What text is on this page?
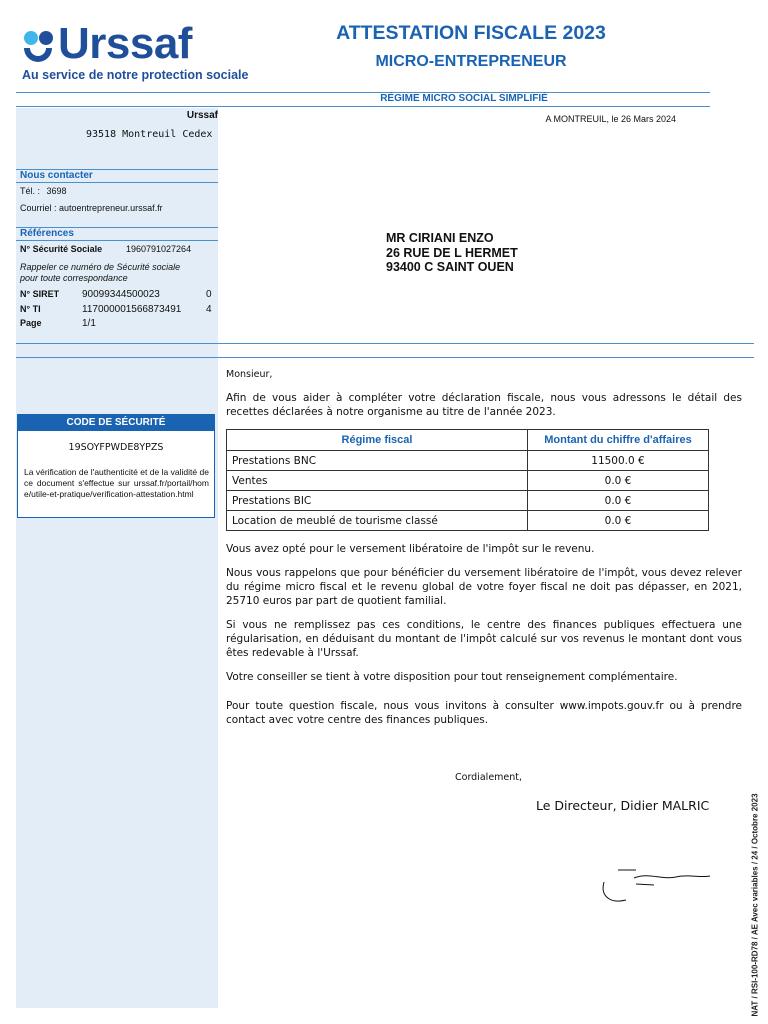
Urssaf
Au service de notre protection sociale
ATTESTATION FISCALE 2023
MICRO-ENTREPRENEUR
RÉGIME MICRO SOCIAL SIMPLIFIÉ
Urssaf
93518 Montreuil Cedex
A MONTREUIL, le 26 Mars 2024
Nous contacter
Tél. : 3698
Courriel : autoentrepreneur.urssaf.fr
Références
N° Sécurité Sociale	1960791027264
Rappeler ce numéro de Sécurité sociale pour toute correspondance
N° SIRET 90099344500023	0
N° TI	117000001566873491 4
Page	1/1
MR CIRIANI ENZO
26 RUE DE L HERMET
93400 C SAINT OUEN
CODE DE SÉCURITÉ
19SOYFPWDE8YPZS
La vérification de l'authenticité et de la validité de ce document s'effectue sur urssaf.fr/portail/home/utile-et-pratique/verification-attestation.html
Monsieur,
Afin de vous aider à compléter votre déclaration fiscale, nous vous adressons le détail des recettes déclarées à notre organisme au titre de l'année 2023.
Régime fiscal	Montant du chiffre d'affaires
Prestations BNC	11500.0 €
Ventes	0.0 €
Prestations BIC	0.0 €
Location de meublé de tourisme classé	0.0 €
Vous avez opté pour le versement libératoire de l'impôt sur le revenu.
Nous vous rappelons que pour bénéficier du versement libératoire de l'impôt, vous devez relever du régime micro fiscal et le revenu global de votre foyer fiscal ne doit pas dépasser, en 2021, 25710 euros par part de quotient familial.
Si vous ne remplissez pas ces conditions, le centre des finances publiques effectuera une régularisation, en déduisant du montant de l'impôt calculé sur vos revenus le montant dont vous êtes redevable à l'Urssaf.
Votre conseiller se tient à votre disposition pour tout renseignement complémentaire.
Pour toute question fiscale, nous vous invitons à consulter www.impots.gouv.fr ou à prendre contact avec votre centre des finances publiques.
Cordialement,
Le Directeur, Didier MALRIC	NAT / RSI-100-RD78 / AE Avec variables / 24 / Octobre 2023
